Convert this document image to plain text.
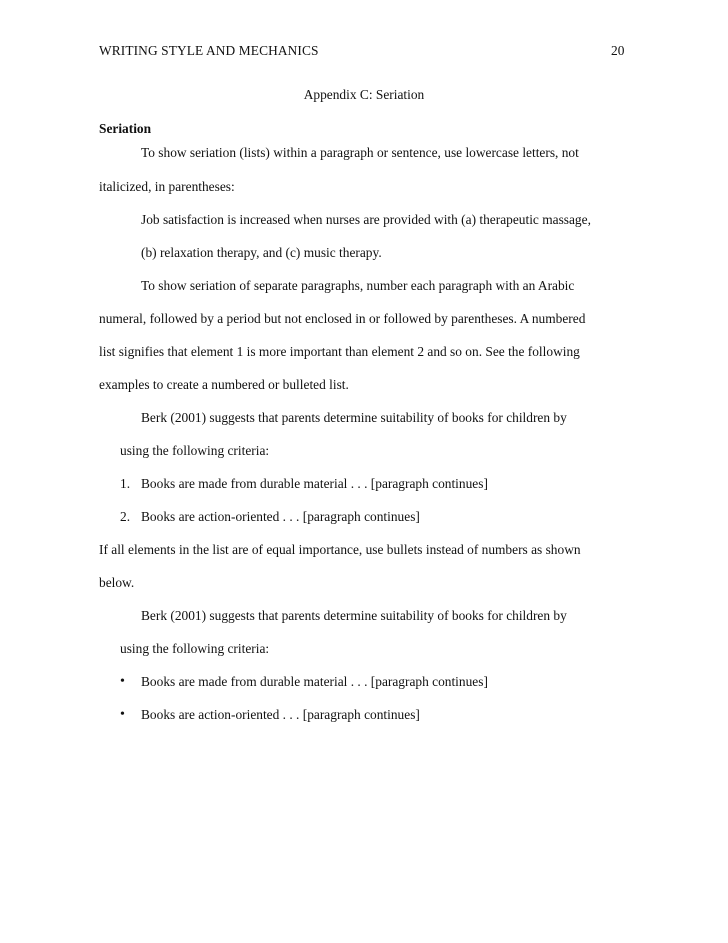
WRITING STYLE AND MECHANICS	20
Appendix C: Seriation
Seriation
To show seriation (lists) within a paragraph or sentence, use lowercase letters, not
italicized, in parentheses:
Job satisfaction is increased when nurses are provided with (a) therapeutic massage,
(b) relaxation therapy, and (c) music therapy.
To show seriation of separate paragraphs, number each paragraph with an Arabic
numeral, followed by a period but not enclosed in or followed by parentheses. A numbered
list signifies that element 1 is more important than element 2 and so on. See the following
examples to create a numbered or bulleted list.
Berk (2001) suggests that parents determine suitability of books for children by
using the following criteria:
1. Books are made from durable material . . . [paragraph continues]
2. Books are action-oriented . . . [paragraph continues]
If all elements in the list are of equal importance, use bullets instead of numbers as shown
below.
Berk (2001) suggests that parents determine suitability of books for children by
using the following criteria:
• Books are made from durable material . . . [paragraph continues]
• Books are action-oriented . . . [paragraph continues]
